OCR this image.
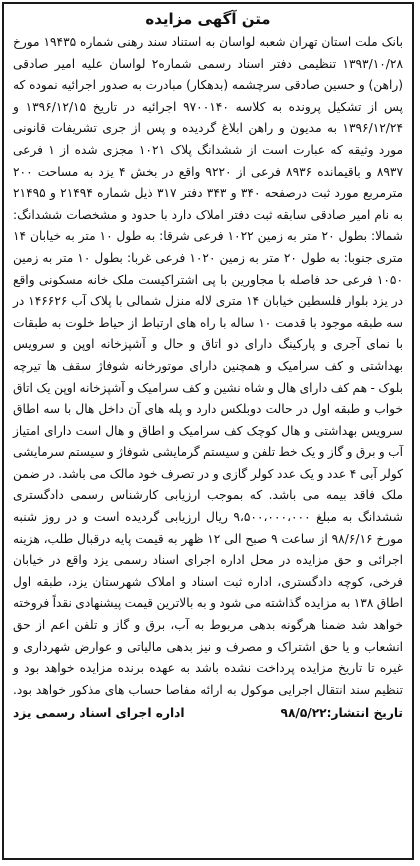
متن آگهی مزایده

بانک ملت استان تهران شعبه لواسان به استناد سند رهنی شماره ۱۹۴۳۵ مورخ ۱۳۹۳/۱۰/۲۸ تنظیمی دفتر اسناد رسمی شماره۲ لواسان علیه امیر صادقی (راهن) و حسین صادقی سرچشمه (بدهکار) مبادرت به صدور اجرائیه نموده که پس از تشکیل پرونده به کلاسه ۹۷۰۰۱۴۰ اجرائیه در تاریخ ۱۳۹۶/۱۲/۱۵ و ۱۳۹۶/۱۲/۲۴ به مدیون و راهن ابلاغ گردیده و پس از جری تشریفات قانونی مورد وثیقه که عبارت است از ششدانگ پلاک ۱۰۲۱ مجزی شده از ۱ فرعی ۸۹۳۷ و باقیمانده ۸۹۳۶ فرعی از ۹۲۲۰ واقع در بخش ۴ یزد به مساحت ۲۰۰ مترمربع مورد ثبت درصفحه ۳۴۰ و ۳۴۳ دفتر ۳۱۷ ذیل شماره ۲۱۴۹۴ و ۲۱۴۹۵ به نام امیر صادقی سابقه ثبت دفتر املاک دارد با حدود و مشخصات ششدانگ: شمالا: بطول ۲۰ متر به زمین ۱۰۲۲ فرعی شرقا: به طول ۱۰ متر به خیابان ۱۴ متری جنوبا: به طول ۲۰ متر به زمین ۱۰۲۰ فرعی غربا: بطول ۱۰ متر به زمین ۱۰۵۰ فرعی حد فاصله با مجاورین با پی اشتراکیست ملک خانه مسکونی واقع در یزد بلوار فلسطین خیابان ۱۴ متری لاله منزل شمالی با پلاک آب ۱۴۶۶۲۶ در سه طبقه موجود با قدمت ۱۰ ساله با راه های ارتباط از حیاط خلوت به طبقات با نمای آجری و پارکینگ دارای دو اتاق و حال و آشپزخانه اوپن و سرویس بهداشتی و کف سرامیک و همچنین دارای موتورخانه شوفاژ سقف ها تیرچه بلوک - هم کف دارای هال و شاه نشین و کف سرامیک و آشپزخانه اوپن یک اتاق خواب و طبقه اول در حالت دوبلکس دارد و پله های آن داخل هال با سه اطاق سرویس بهداشتی و هال کوچک کف سرامیک و اطاق و هال است دارای امتیاز آب و برق و گاز و یک خط تلفن و سیستم گرمایشی شوفاژ و سیستم سرمایشی کولر آبی ۴ عدد و یک عدد کولر گازی و در تصرف خود مالک می باشد. در ضمن ملک فاقد بیمه می باشد. که بموجب ارزیابی کارشناس رسمی دادگستری ششدانگ به مبلغ ۹،۵۰۰،۰۰۰،۰۰۰ ریال ارزیابی گردیده است و در روز شنبه مورخ ۹۸/۶/۱۶ از ساعت ۹ صبح الی ۱۲ ظهر به قیمت پایه درقبال طلب، هزینه اجرائی و حق مزایده در محل اداره اجرای اسناد رسمی یزد واقع در خیابان فرخی، کوچه دادگستری، اداره ثبت اسناد و املاک شهرستان یزد، طبقه اول اطاق ۱۳۸ به مزایده گذاشته می شود و به بالاترین قیمت پیشنهادی نقداً فروخته خواهد شد ضمنا هرگونه بدهی مربوط به آب، برق و گاز و تلفن اعم از حق انشعاب و یا حق اشتراک و مصرف و نیز بدهی مالیاتی و عوارض شهرداری و غیره تا تاریخ مزایده پرداخت نشده باشد به عهده برنده مزایده خواهد بود و تنظیم سند انتقال اجرایی موکول به ارائه مفاصا حساب های مذکور خواهد بود.

تاریخ انتشار:۹۸/۵/۲۲
اداره اجرای اسناد رسمی یزد
